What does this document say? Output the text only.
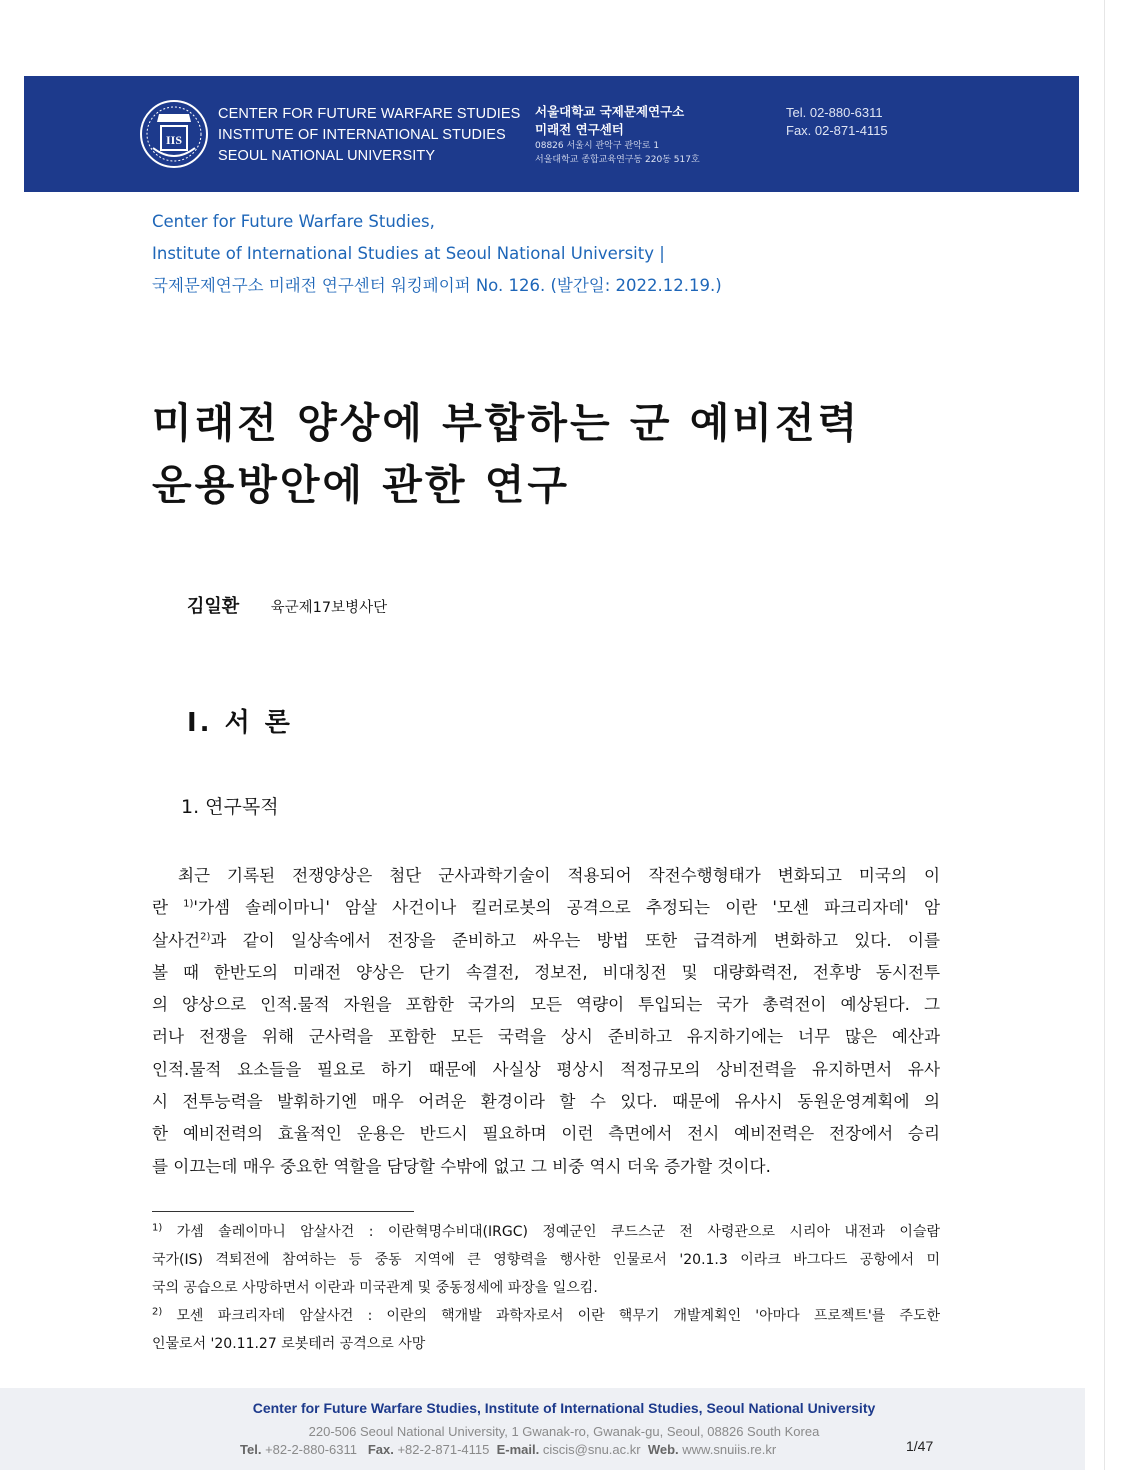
IIS
CENTER FOR FUTURE WARFARE STUDIES
INSTITUTE OF INTERNATIONAL STUDIES
SEOUL NATIONAL UNIVERSITY
서울대학교 국제문제연구소
미래전 연구센터
08826 서울시 관악구 관악로 1
서울대학교 종합교육연구동 220동 517호
Tel. 02-880-6311
Fax. 02-871-4115
Center for Future Warfare Studies,
Institute of International Studies at Seoul National University |
국제문제연구소 미래전 연구센터 워킹페이퍼 No. 126. (발간일: 2022.12.19.)
미래전 양상에 부합하는 군 예비전력
운용방안에 관한 연구
김일환 육군제17보병사단
Ⅰ. 서 론
1. 연구목적
최근 기록된 전쟁양상은 첨단 군사과학기술이 적용되어 작전수행형태가 변화되고 미국의 이
란 $^{1)}$'가셈 솔레이마니' 암살 사건이나 킬러로봇의 공격으로 추정되는 이란 '모센 파크리자데' 암
살사건$^{2)}$과 같이 일상속에서 전장을 준비하고 싸우는 방법 또한 급격하게 변화하고 있다. 이를
볼 때 한반도의 미래전 양상은 단기 속결전, 정보전, 비대칭전 및 대량화력전, 전후방 동시전투
의 양상으로 인적.물적 자원을 포함한 국가의 모든 역량이 투입되는 국가 총력전이 예상된다. 그
러나 전쟁을 위해 군사력을 포함한 모든 국력을 상시 준비하고 유지하기에는 너무 많은 예산과
인적.물적 요소들을 필요로 하기 때문에 사실상 평상시 적정규모의 상비전력을 유지하면서 유사
시 전투능력을 발휘하기엔 매우 어려운 환경이라 할 수 있다. 때문에 유사시 동원운영계획에 의
한 예비전력의 효율적인 운용은 반드시 필요하며 이런 측면에서 전시 예비전력은 전장에서 승리
를 이끄는데 매우 중요한 역할을 담당할 수밖에 없고 그 비중 역시 더욱 증가할 것이다.
$^{1)}$ 가셈 솔레이마니 암살사건 : 이란혁명수비대(IRGC) 정예군인 쿠드스군 전 사령관으로 시리아 내전과 이슬람
국가(IS) 격퇴전에 참여하는 등 중동 지역에 큰 영향력을 행사한 인물로서 '20.1.3 이라크 바그다드 공항에서 미
국의 공습으로 사망하면서 이란과 미국관계 및 중동정세에 파장을 일으킴.
$^{2)}$ 모센 파크리자데 암살사건 : 이란의 핵개발 과학자로서 이란 핵무기 개발계획인 '아마다 프로젝트'를 주도한
인물로서 '20.11.27 로봇테러 공격으로 사망
Center for Future Warfare Studies, Institute of International Studies, Seoul National University
220-506 Seoul National University, 1 Gwanak-ro, Gwanak-gu, Seoul, 08826 South Korea
Tel. +82-2-880-6311 Fax. +82-2-871-4115 E-mail. ciscis@snu.ac.kr Web. www.snuiis.re.kr	1/47
